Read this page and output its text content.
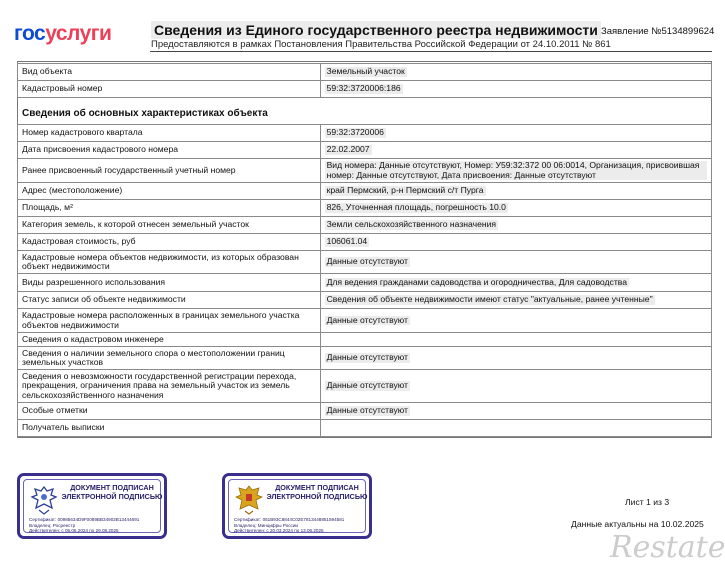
госуслуги	Сведения из Единого государственного реестра недвижимости
Предоставляются в рамках Постановления Правительства Российской Федерации от 24.10.2011 № 861
Заявление №5134899624
Вид объекта	Земельный участок
Кадастровый номер	59:32:3720006:186
Сведения об основных характеристиках объекта
Номер кадастрового квартала	59:32:3720006
Дата присвоения кадастрового номера	22.02.2007
Ранее присвоенный государственный учетный номер	Вид номера: Данные отсутствуют, Номер: У59:32:372 00 06:0014, Организация, присвоившая номер: Данные отсутствуют, Дата присвоения: Данные отсутствуют
Адрес (местоположение)	край Пермский, р-н Пермский с/т Пурга
Площадь, м²	826, Уточненная площадь, погрешность 10.0
Категория земель, к которой отнесен земельный участок	Земли сельскохозяйственного назначения
Кадастровая стоимость, руб	106061.04
Кадастровые номера объектов недвижимости, из которых образован объект недвижимости	Данные отсутствуют
Виды разрешенного использования	Для ведения гражданами садоводства и огородничества, Для садоводства
Статус записи об объекте недвижимости	Сведения об объекте недвижимости имеют статус "актуальные, ранее учтенные"
Кадастровые номера расположенных в границах земельного участка объектов недвижимости	Данные отсутствуют
Сведения о кадастровом инженере	
Сведения о наличии земельного спора о местоположении границ земельных участков	Данные отсутствуют
Сведения о невозможности государственной регистрации перехода, прекращения, ограничения права на земельный участок из земель сельскохозяйственного назначения	Данные отсутствуют
Особые отметки	Данные отсутствуют
Получатель выписки	
ДОКУМЕНТ ПОДПИСАН ЭЛЕКТРОННОЙ ПОДПИСЬЮ
Сертификат: 00985634D9F0089BB34902B13444691
Владелец: Росреестр
Действителен: с 05.06.2024 по 29.08.2025
ДОКУМЕНТ ПОДПИСАН ЭЛЕКТРОННОЙ ПОДПИСЬЮ
Сертификат: 051B93C8844C02E7813448851594581
Владелец: Минцифры России
Действителен: с 20.03.2024 по 13.06.2025
Лист 1 из 3
Данные актуальны на 10.02.2025
Restate
